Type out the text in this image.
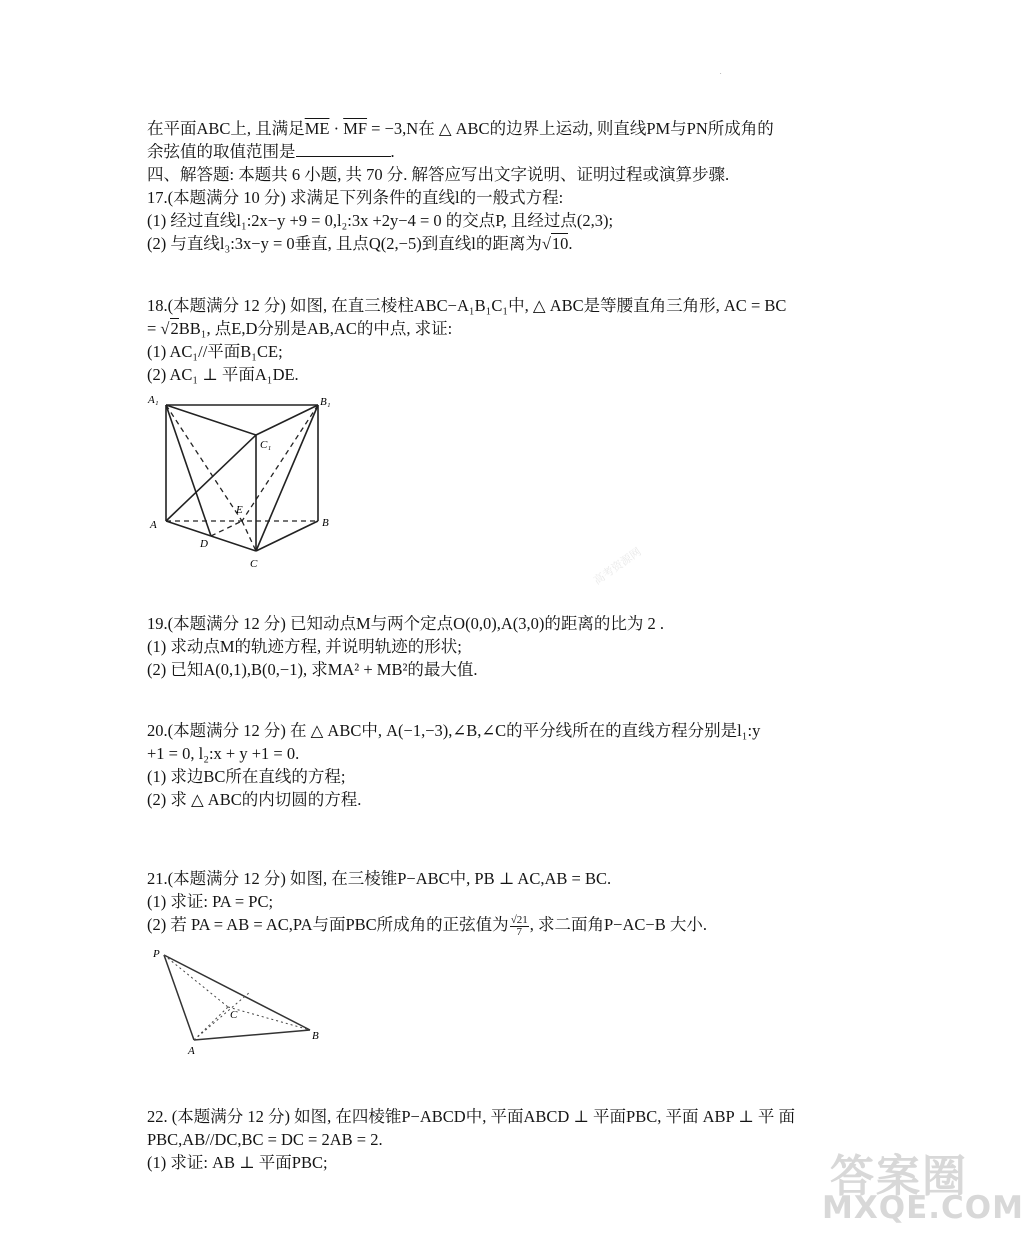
.
在平面ABC上, 且满足$\overline{ME} \cdot \overline{MF} = -3,N$在 △ ABC的边界上运动, 则直线PM与PN所成角的
余弦值的取值范围是	.
四、解答题: 本题共 6 小题, 共 70 分. 解答应写出文字说明、证明过程或演算步骤.
17.(本题满分 10 分) 求满足下列条件的直线l的一般式方程:
(1) 经过直线l₁:2x−y +9 = 0,l₂:3x +2y−4 = 0 的交点P, 且经过点(2,3);
(2) 与直线l₃:3x−y = 0垂直, 且点Q(2,−5)到直线l的距离为√10.
18.(本题满分 12 分) 如图, 在直三棱柱ABC−A₁B₁C₁中, △ ABC是等腰直角三角形, AC = BC
= √2BB₁, 点E,D分别是AB,AC的中点, 求证:
(1) AC₁//平面B₁CE;
(2) AC₁ ⊥ 平面A₁DE.
A₁	B₁
C₁
A	B
C
D
E
高考资源网
19.(本题满分 12 分) 已知动点M与两个定点O(0,0),A(3,0)的距离的比为 2 .
(1) 求动点M的轨迹方程, 并说明轨迹的形状;
(2) 已知A(0,1),B(0,−1), 求MA² + MB²的最大值.
20.(本题满分 12 分) 在 △ ABC中, A(−1,−3),∠B,∠C的平分线所在的直线方程分别是l₁:y
+1 = 0, l₂:x + y +1 = 0.
(1) 求边BC所在直线的方程;
(2) 求 △ ABC的内切圆的方程.
21.(本题满分 12 分) 如图, 在三棱锥P−ABC中, PB ⊥ AC,AB = BC.
(1) 求证: PA = PC;
(2) 若 PA = AB = AC,PA与面PBC所成角的正弦值为 $\frac{√21}{7}$ , 求二面角P−AC−B 大小.
P
A
B
C
22. (本题满分 12 分) 如图, 在四棱锥P−ABCD中, 平面ABCD ⊥ 平面PBC, 平面 ABP ⊥ 平 面
PBC,AB//DC,BC = DC = 2AB = 2.
(1) 求证: AB ⊥ 平面PBC;	答案圈
MXQE.COM
